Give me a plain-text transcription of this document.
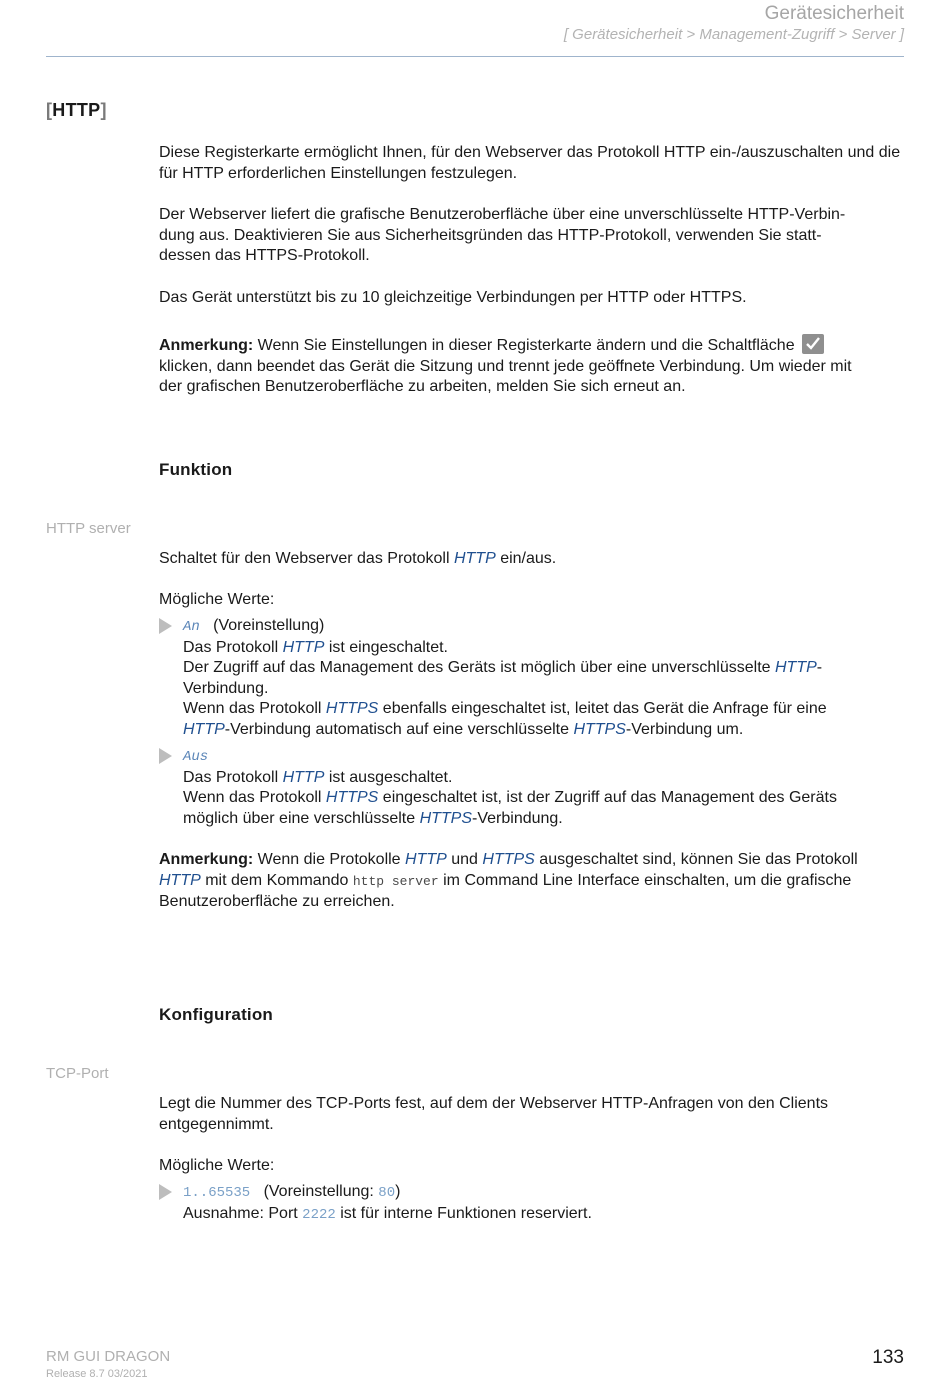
Gerätesicherheit
[ Gerätesicherheit > Management-Zugriff > Server ]
[HTTP]

Diese Registerkarte ermöglicht Ihnen, für den Webserver das Protokoll HTTP ein-/auszuschalten und die für HTTP erforderlichen Einstellungen festzulegen.

Der Webserver liefert die grafische Benutzeroberfläche über eine unverschlüsselte HTTP-Verbin-
dung aus. Deaktivieren Sie aus Sicherheitsgründen das HTTP-Protokoll, verwenden Sie statt-
dessen das HTTPS-Protokoll.
Das Gerät unterstützt bis zu 10 gleichzeitige Verbindungen per HTTP oder HTTPS.
Anmerkung: Wenn Sie Einstellungen in dieser Registerkarte ändern und die Schaltfläche
klicken, dann beendet das Gerät die Sitzung und trennt jede geöffnete Verbindung. Um wieder mit
der grafischen Benutzeroberfläche zu arbeiten, melden Sie sich erneut an.
Funktion
HTTP server
Schaltet für den Webserver das Protokoll HTTP ein/aus.
Mögliche Werte:
An (Voreinstellung)
Das Protokoll HTTP ist eingeschaltet.
Der Zugriff auf das Management des Geräts ist möglich über eine unverschlüsselte HTTP-
Verbindung.
Wenn das Protokoll HTTPS ebenfalls eingeschaltet ist, leitet das Gerät die Anfrage für eine
HTTP-Verbindung automatisch auf eine verschlüsselte HTTPS-Verbindung um.
Aus
Das Protokoll HTTP ist ausgeschaltet.
Wenn das Protokoll HTTPS eingeschaltet ist, ist der Zugriff auf das Management des Geräts
möglich über eine verschlüsselte HTTPS-Verbindung.
Anmerkung: Wenn die Protokolle HTTP und HTTPS ausgeschaltet sind, können Sie das Protokoll
HTTP mit dem Kommando http server im Command Line Interface einschalten, um die grafische
Benutzeroberfläche zu erreichen.
Konfiguration
TCP-Port
Legt die Nummer des TCP-Ports fest, auf dem der Webserver HTTP-Anfragen von den Clients
entgegennimmt.
Mögliche Werte:
1..65535 (Voreinstellung: 80)
Ausnahme: Port 2222 ist für interne Funktionen reserviert.
RM GUI DRAGON
Release 8.7 03/2021
133
